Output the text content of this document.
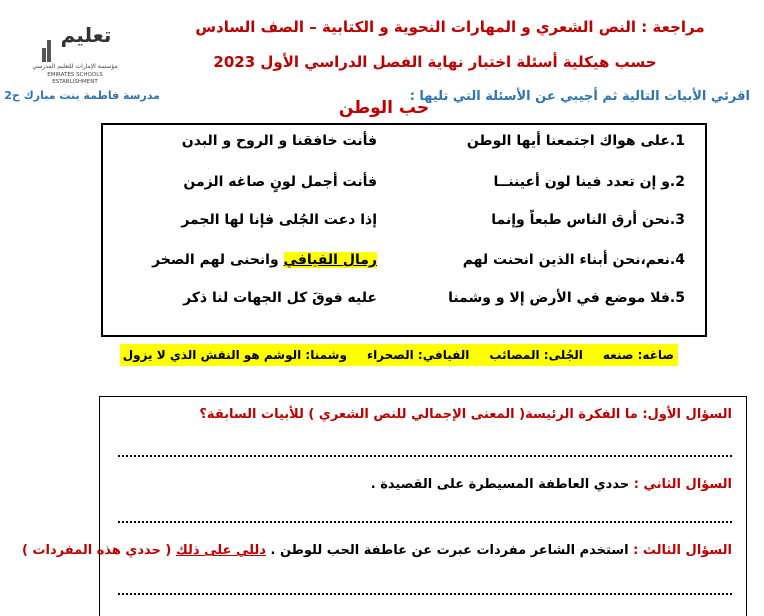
مراجعة : النص الشعري و المهارات النحوية و الكتابية – الصف السادس
حسب هيكلية أسئلة اختبار نهاية الفصل الدراسي الأول 2023
تعليم
مؤسسة الإمارات للتعليم المدرسي
EMIRATES SCHOOLS
ESTABLISHMENT
مدرسة فاطمة بنت مبارك ح2	اقرئي الأبيات التالية ثم أجيبي عن الأسئلة التي تليها :
حب الوطن
1.على هواك اجتمعنا أيها الوطن
فأنت خافقنا و الروح و البدن
2.و إن تعدد فينا لون أعيننــا
فأنت أجمل لونٍ صاغه الزمن
3.نحن أرق الناس طبعاً وإنما
إذا دعت الجُلى فإنا لها الجمر
4.نعم،نحن أبناء الذين انحنت لهم
رمال الفيافي وانحنى لهم الصخر
5.فلا موضع في الأرض إلا و وشمنا
عليه فوقَ كل الجهات لنا ذكر
صاغه: صنعهالجُلى: المصائبالفيافي: الصحراءوشمنا: الوشم هو النقش الذي لا يزول
السؤال الأول: ما الفكرة الرئيسة( المعنى الإجمالي للنص الشعري ) للأبيات السابقة؟
السؤال الثاني : حددي العاطفة المسيطرة على القصيدة .
السؤال الثالث : استخدم الشاعر مفردات عبرت عن عاطفة الحب للوطن . دللي على ذلك ( حددي هذه المفردات )
